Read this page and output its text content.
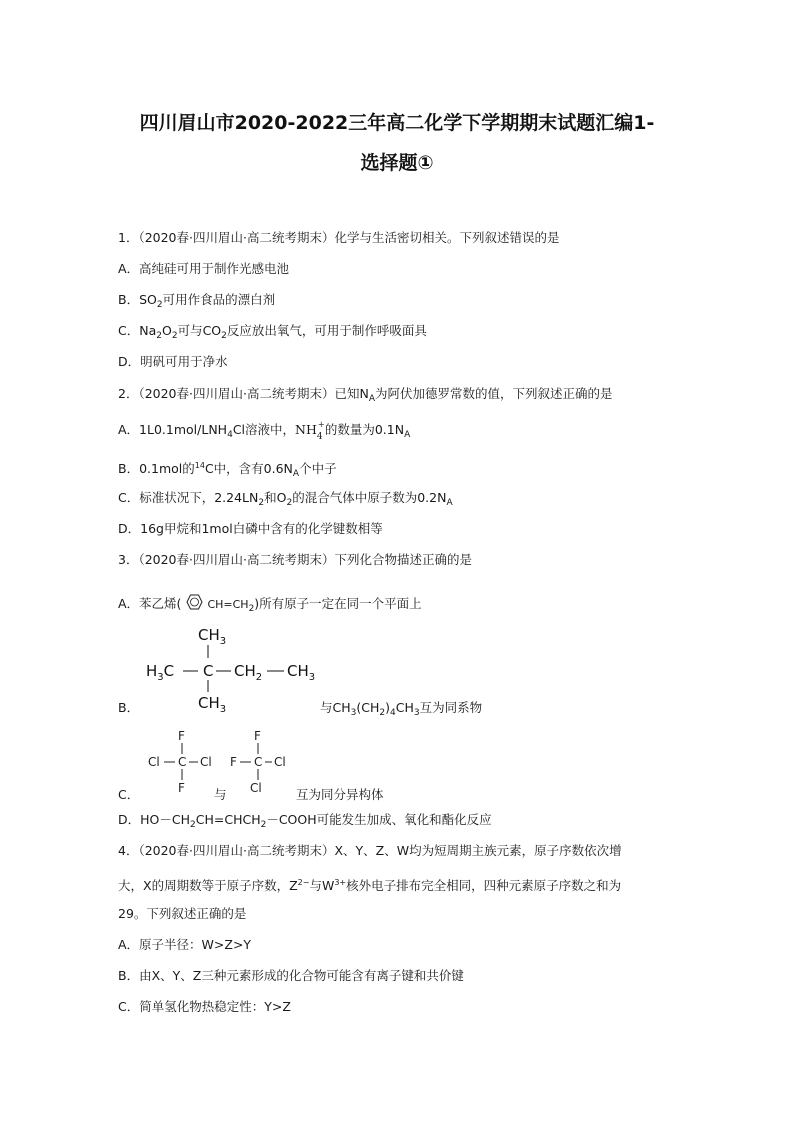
四川眉山市2020-2022三年高二化学下学期期末试题汇编1-
选择题①
1．（2020春·四川眉山·高二统考期末）化学与生活密切相关。下列叙述错误的是
A．高纯硅可用于制作光感电池
B．$SO_2$可用作食品的漂白剂
C．$Na_2O_2$可与$CO_2$反应放出氧气，可用于制作呼吸面具
D．明矾可用于净水
2．（2020春·四川眉山·高二统考期末）已知$N_A$为阿伏加德罗常数的值，下列叙述正确的是
A．$1L0.1mol/LNH_4Cl$溶液中，NH 4
+ 的数量为$0.1N_A$
B．0.1mol的$^{14}$C中，含有$0.6N_A$个中子
C．标准状况下，$2.24LN_2$和$O_2$的混合气体中原子数为$0.2N_A$
D．16g甲烷和1mol白磷中含有的化学键数相等
3．（2020春·四川眉山·高二统考期末）下列化合物描述正确的是
A．苯乙烯( $CH=CH_2$)所有原子一定在同一个平面上
$CH_3$
$H_3C$ C $CH_2$ $CH_3$
$CH_3$
B．	与$CH_3(CH_2)_4CH_3$互为同系物
F
Cl C Cl
F
F
F C Cl
Cl
C．	与	互为同分异构体
D．$HO-CH_2CH=CHCH_2-COOH$可能发生加成、氧化和酯化反应
4．（2020春·四川眉山·高二统考期末）X、Y、Z、W均为短周期主族元素，原子序数依次增
大，X的周期数等于原子序数，$Z^{2-}$与$W^{3+}$核外电子排布完全相同，四种元素原子序数之和为
29。下列叙述正确的是
A．原子半径：W>Z>Y
B．由X、Y、Z三种元素形成的化合物可能含有离子键和共价键
C．简单氢化物热稳定性：Y>Z
